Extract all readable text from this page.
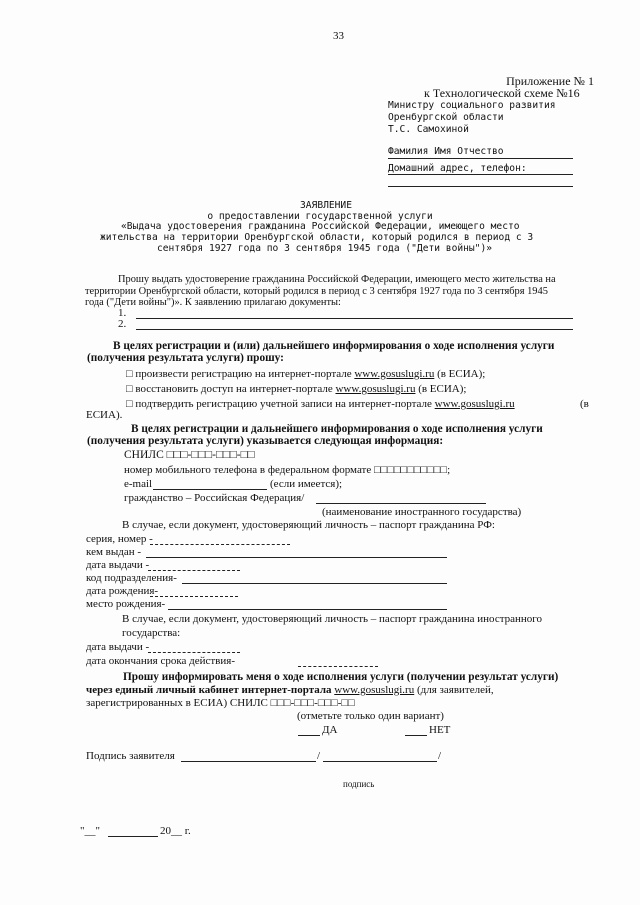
33
Приложение № 1
к Технологической схеме №16
Министру социального развития
Оренбургской области
Т.С. Самохиной
Фамилия Имя Отчество
Домашний адрес, телефон:
ЗАЯВЛЕНИЕ
о предоставлении государственной услуги
«Выдача удостоверения гражданина Российской Федерации, имеющего место
жительства на территории Оренбургской области, который родился в период с 3
сентября 1927 года по 3 сентября 1945 года ("Дети войны")»
Прошу выдать удостоверение гражданина Российской Федерации, имеющего место жительства на
территории Оренбургской области, который родился в период с 3 сентября 1927 года по 3 сентября 1945
года ("Дети войны")». К заявлению прилагаю документы:
1.
2.
В целях регистрации и (или) дальнейшего информирования о ходе исполнения услуги
(получения результата услуги) прошу:
□ произвести регистрацию на интернет-портале www.gosuslugi.ru (в ЕСИА);
□ восстановить доступ на интернет-портале www.gosuslugi.ru (в ЕСИА);
□ подтвердить регистрацию учетной записи на интернет-портале www.gosuslugi.ru	(в
ЕСИА).
В целях регистрации и дальнейшего информирования о ходе исполнения услуги
(получения результата услуги) указывается следующая информация:
СНИЛС □□□-□□□-□□□-□□
номер мобильного телефона в федеральном формате □□□□□□□□□□□;
e-mail	(если имеется);
гражданство – Российская Федерация/
(наименование иностранного государства)
В случае, если документ, удостоверяющий личность – паспорт гражданина РФ:
серия, номер -
кем выдан -
дата выдачи -
код подразделения-
дата рождения-
место рождения-
В случае, если документ, удостоверяющий личность – паспорт гражданина иностранного
государства:
дата выдачи -
дата окончания срока действия-
Прошу информировать меня о ходе исполнения услуги (получении результат услуги)
через единый личный кабинет интернет-портала www.gosuslugi.ru (для заявителей,
зарегистрированных в ЕСИА) СНИЛС □□□-□□□-□□□-□□
(отметьте только один вариант)
ДА	НЕТ
Подпись заявителя	/	/
подпись
"__"	20__ г.
